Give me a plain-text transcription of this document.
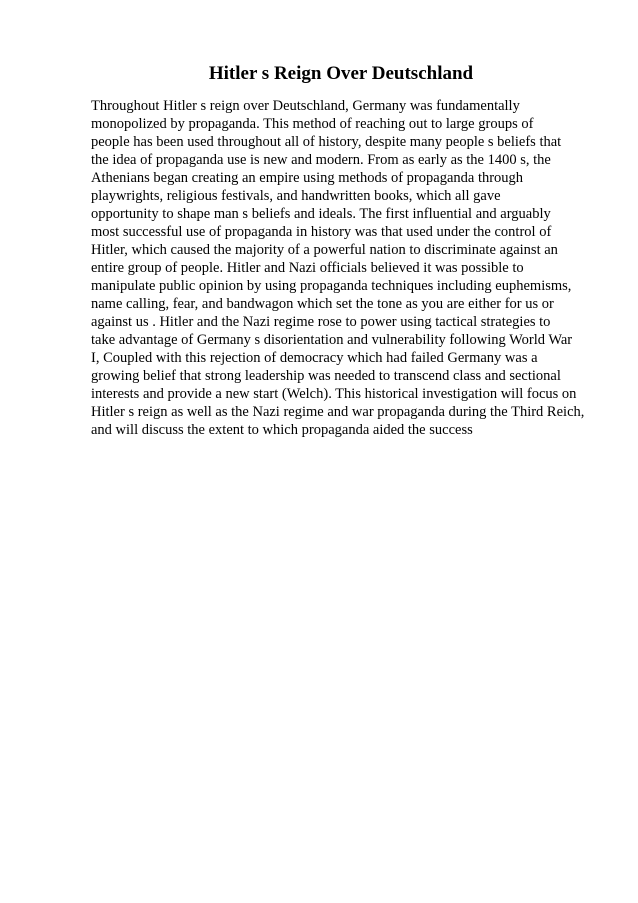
Hitler s Reign Over Deutschland
Throughout Hitler s reign over Deutschland, Germany was fundamentally
monopolized by propaganda. This method of reaching out to large groups of
people has been used throughout all of history, despite many people s beliefs that
the idea of propaganda use is new and modern. From as early as the 1400 s, the
Athenians began creating an empire using methods of propaganda through
playwrights, religious festivals, and handwritten books, which all gave
opportunity to shape man s beliefs and ideals. The first influential and arguably
most successful use of propaganda in history was that used under the control of
Hitler, which caused the majority of a powerful nation to discriminate against an
entire group of people. Hitler and Nazi officials believed it was possible to
manipulate public opinion by using propaganda techniques including euphemisms,
name calling, fear, and bandwagon which set the tone as you are either for us or
against us . Hitler and the Nazi regime rose to power using tactical strategies to
take advantage of Germany s disorientation and vulnerability following World War
I, Coupled with this rejection of democracy which had failed Germany was a
growing belief that strong leadership was needed to transcend class and sectional
interests and provide a new start (Welch). This historical investigation will focus on
Hitler s reign as well as the Nazi regime and war propaganda during the Third Reich,
and will discuss the extent to which propaganda aided the success
